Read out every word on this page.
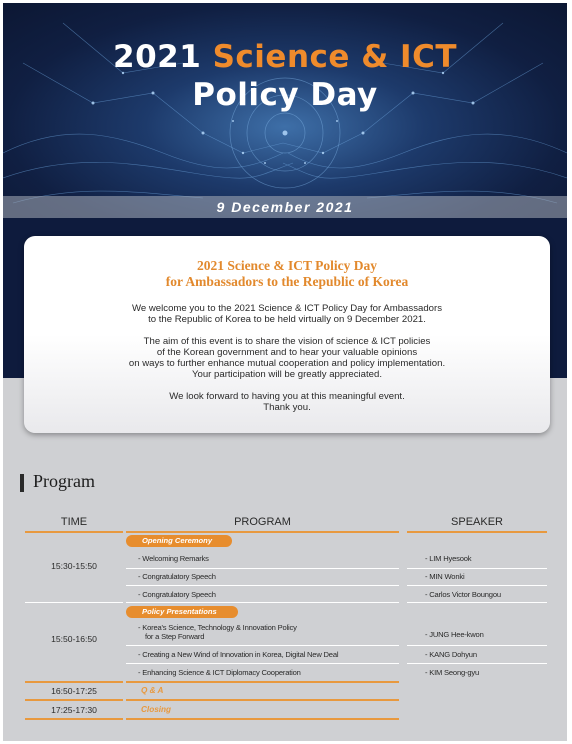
2021 Science & ICT
Policy Day
9 December 2021
2021 Science & ICT Policy Day
for Ambassadors to the Republic of Korea

We welcome you to the 2021 Science & ICT Policy Day for Ambassadors
to the Republic of Korea to be held virtually on 9 December 2021.

The aim of this event is to share the vision of science & ICT policies
of the Korean government and to hear your valuable opinions
on ways to further enhance mutual cooperation and policy implementation.
Your participation will be greatly appreciated.

We look forward to having you at this meaningful event.
Thank you.

Program
TIME	PROGRAM	SPEAKER
Opening Ceremony
15:30-15:50
- Welcoming Remarks	- LIM Hyesook
- Congratulatory Speech	- MIN Wonki
- Congratulatory Speech	- Carlos Victor Boungou
Policy Presentations
15:50-16:50
- Korea's Science, Technology & Innovation Policy
for a Step Forward	- JUNG Hee-kwon
- Creating a New Wind of Innovation in Korea, Digital New Deal	- KANG Dohyun
- Enhancing Science & ICT Diplomacy Cooperation	- KIM Seong-gyu
16:50-17:25	Q & A
17:25-17:30	Closing
